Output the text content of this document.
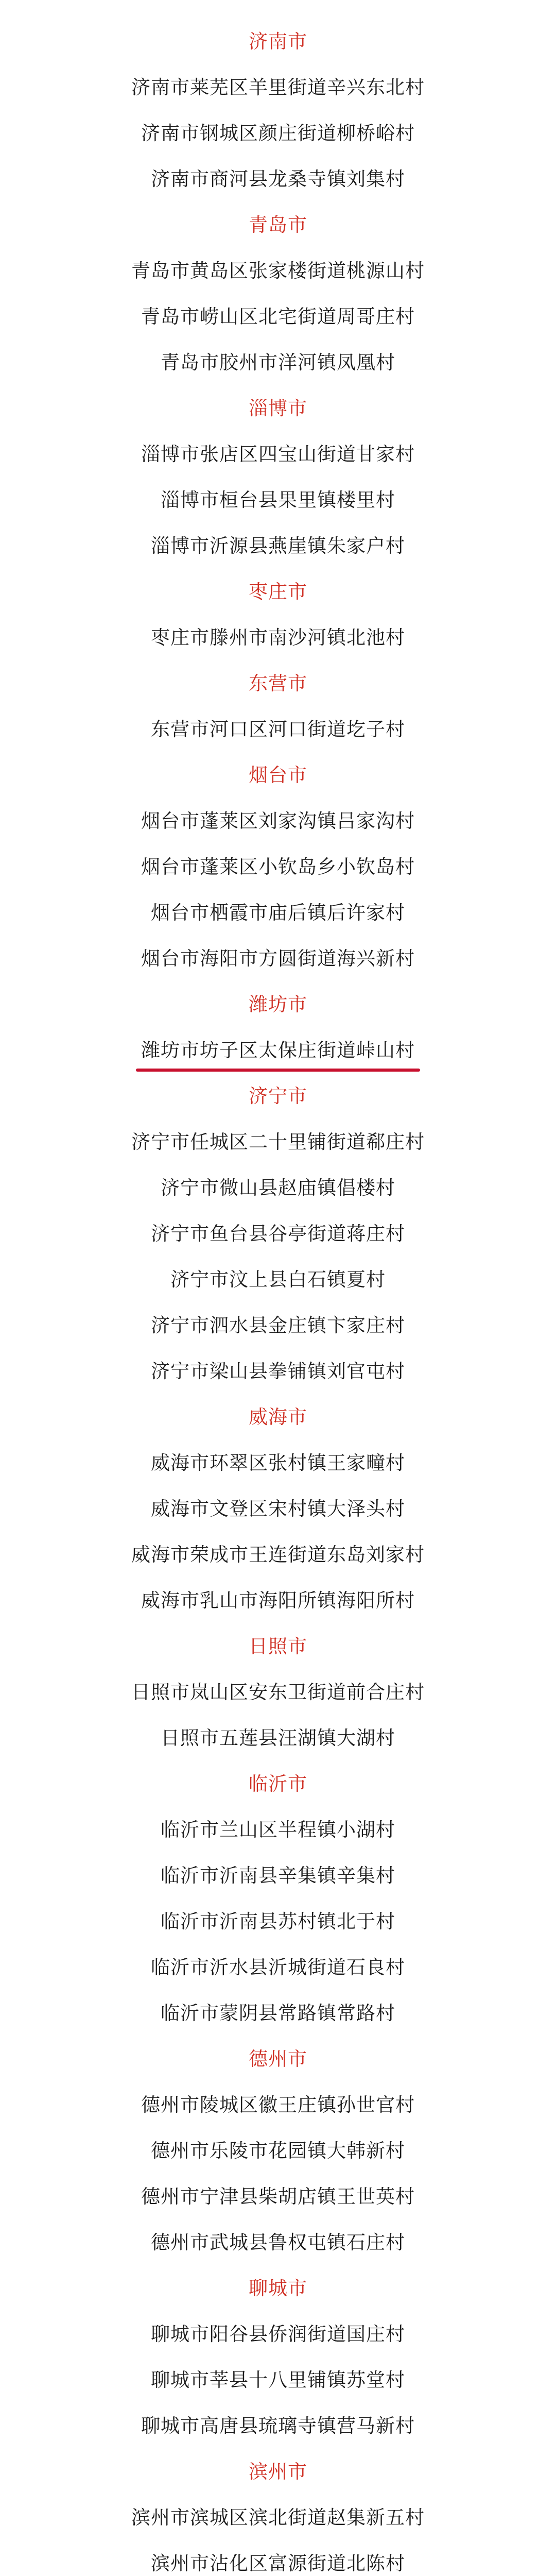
济南市
济南市莱芜区羊里街道辛兴东北村
济南市钢城区颜庄街道柳桥峪村
济南市商河县龙桑寺镇刘集村
青岛市
青岛市黄岛区张家楼街道桃源山村
青岛市崂山区北宅街道周哥庄村
青岛市胶州市洋河镇凤凰村
淄博市
淄博市张店区四宝山街道甘家村
淄博市桓台县果里镇楼里村
淄博市沂源县燕崖镇朱家户村
枣庄市
枣庄市滕州市南沙河镇北池村
东营市
东营市河口区河口街道圪子村
烟台市
烟台市蓬莱区刘家沟镇吕家沟村
烟台市蓬莱区小钦岛乡小钦岛村
烟台市栖霞市庙后镇后许家村
烟台市海阳市方圆街道海兴新村
潍坊市
潍坊市坊子区太保庄街道峠山村
济宁市
济宁市任城区二十里铺街道郗庄村
济宁市微山县赵庙镇倡楼村
济宁市鱼台县谷亭街道蒋庄村
济宁市汶上县白石镇夏村
济宁市泗水县金庄镇卞家庄村
济宁市梁山县拳铺镇刘官屯村
威海市
威海市环翠区张村镇王家疃村
威海市文登区宋村镇大泽头村
威海市荣成市王连街道东岛刘家村
威海市乳山市海阳所镇海阳所村
日照市
日照市岚山区安东卫街道前合庄村
日照市五莲县汪湖镇大湖村
临沂市
临沂市兰山区半程镇小湖村
临沂市沂南县辛集镇辛集村
临沂市沂南县苏村镇北于村
临沂市沂水县沂城街道石良村
临沂市蒙阴县常路镇常路村
德州市
德州市陵城区徽王庄镇孙世官村
德州市乐陵市花园镇大韩新村
德州市宁津县柴胡店镇王世英村
德州市武城县鲁权屯镇石庄村
聊城市
聊城市阳谷县侨润街道国庄村
聊城市莘县十八里铺镇苏堂村
聊城市高唐县琉璃寺镇营马新村
滨州市
滨州市滨城区滨北街道赵集新五村
滨州市沾化区富源街道北陈村
